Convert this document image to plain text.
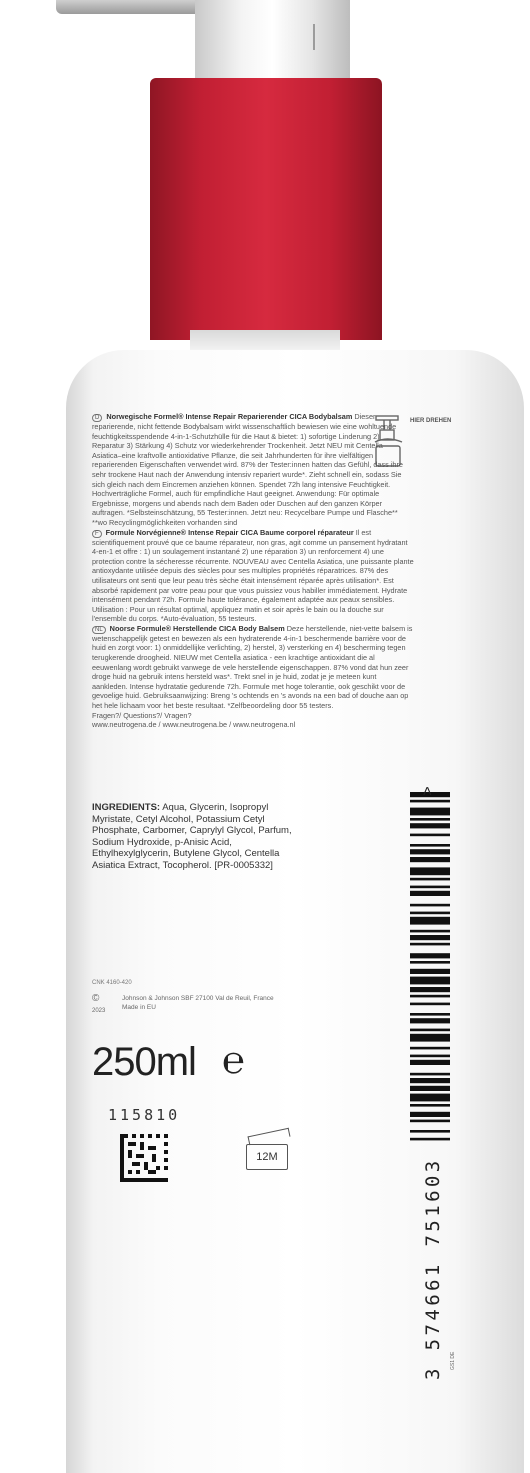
HIER DREHEN

D Norwegische Formel® Intense Repair Reparierender CICA Bodybalsam Dieser reparierende, nicht fettende Bodybalsam wirkt wissenschaftlich bewiesen wie eine wohltuende feuchtigkeitsspendende 4-in-1-Schutzhülle für die Haut & bietet: 1) sofortige Linderung 2) Reparatur 3) Stärkung 4) Schutz vor wiederkehrender Trockenheit. Jetzt NEU mit Centella Asiatica–eine kraftvolle antioxidative Pflanze, die seit Jahrhunderten für ihre vielfältigen reparierenden Eigenschaften verwendet wird. 87% der Tester:innen hatten das Gefühl, dass ihre sehr trockene Haut nach der Anwendung intensiv repariert wurde*. Zieht schnell ein, sodass Sie sich gleich nach dem Eincremen anziehen können. Spendet 72h lang intensive Feuchtigkeit. Hochverträgliche Formel, auch für empfindliche Haut geeignet. Anwendung: Für optimale Ergebnisse, morgens und abends nach dem Baden oder Duschen auf den ganzen Körper auftragen. *Selbsteinschätzung, 55 Tester:innen. Jetzt neu: Recycelbare Pumpe und Flasche** **wo Recyclingmöglichkeiten vorhanden sind

F Formule Norvégienne® Intense Repair CICA Baume corporel réparateur Il est scientifiquement prouvé que ce baume réparateur, non gras, agit comme un pansement hydratant 4-en-1 et offre : 1) un soulagement instantané 2) une réparation 3) un renforcement 4) une protection contre la sécheresse récurrente. NOUVEAU avec Centella Asiatica, une puissante plante antioxydante utilisée depuis des siècles pour ses multiples propriétés réparatrices. 87% des utilisateurs ont senti que leur peau très sèche était intensément réparée après utilisation*. Est absorbé rapidement par votre peau pour que vous puissiez vous habiller immédiatement. Hydrate intensément pendant 72h. Formule haute tolérance, également adaptée aux peaux sensibles. Utilisation : Pour un résultat optimal, appliquez matin et soir après le bain ou la douche sur l'ensemble du corps. *Auto-évaluation, 55 testeurs.

NL Noorse Formule® Herstellende CICA Body Balsem Deze herstellende, niet-vette balsem is wetenschappelijk getest en bewezen als een hydraterende 4-in-1 beschermende barrière voor de huid en zorgt voor: 1) onmiddellijke verlichting, 2) herstel, 3) versterking en 4) bescherming tegen terugkerende droogheid. NIEUW met Centella asiatica - een krachtige antioxidant die al eeuwenlang wordt gebruikt vanwege de vele herstellende eigenschappen. 87% vond dat hun zeer droge huid na gebruik intens hersteld was*. Trekt snel in je huid, zodat je je meteen kunt aankleden. Intense hydratatie gedurende 72h. Formule met hoge tolerantie, ook geschikt voor de gevoelige huid. Gebruiksaanwijzing: Breng 's ochtends en 's avonds na een bad of douche aan op het hele lichaam voor het beste resultaat. *Zelfbeoordeling door 55 testers.

Fragen?/ Questions?/ Vragen?

www.neutrogena.de / www.neutrogena.be / www.neutrogena.nl

INGREDIENTS: Aqua, Glycerin, Isopropyl Myristate, Cetyl Alcohol, Potassium Cetyl Phosphate, Carbomer, Caprylyl Glycol, Parfum, Sodium Hydroxide, p-Anisic Acid, Ethylhexylglycerin, Butylene Glycol, Centella Asiatica Extract, Tocopherol. [PR-0005332]
CNK 4160-420
©
2023
Johnson & Johnson SBF 27100 Val de Reuil, France Made in EU
250ml ℮
115810
12M
>
3 574661 751603 GS1 DE
